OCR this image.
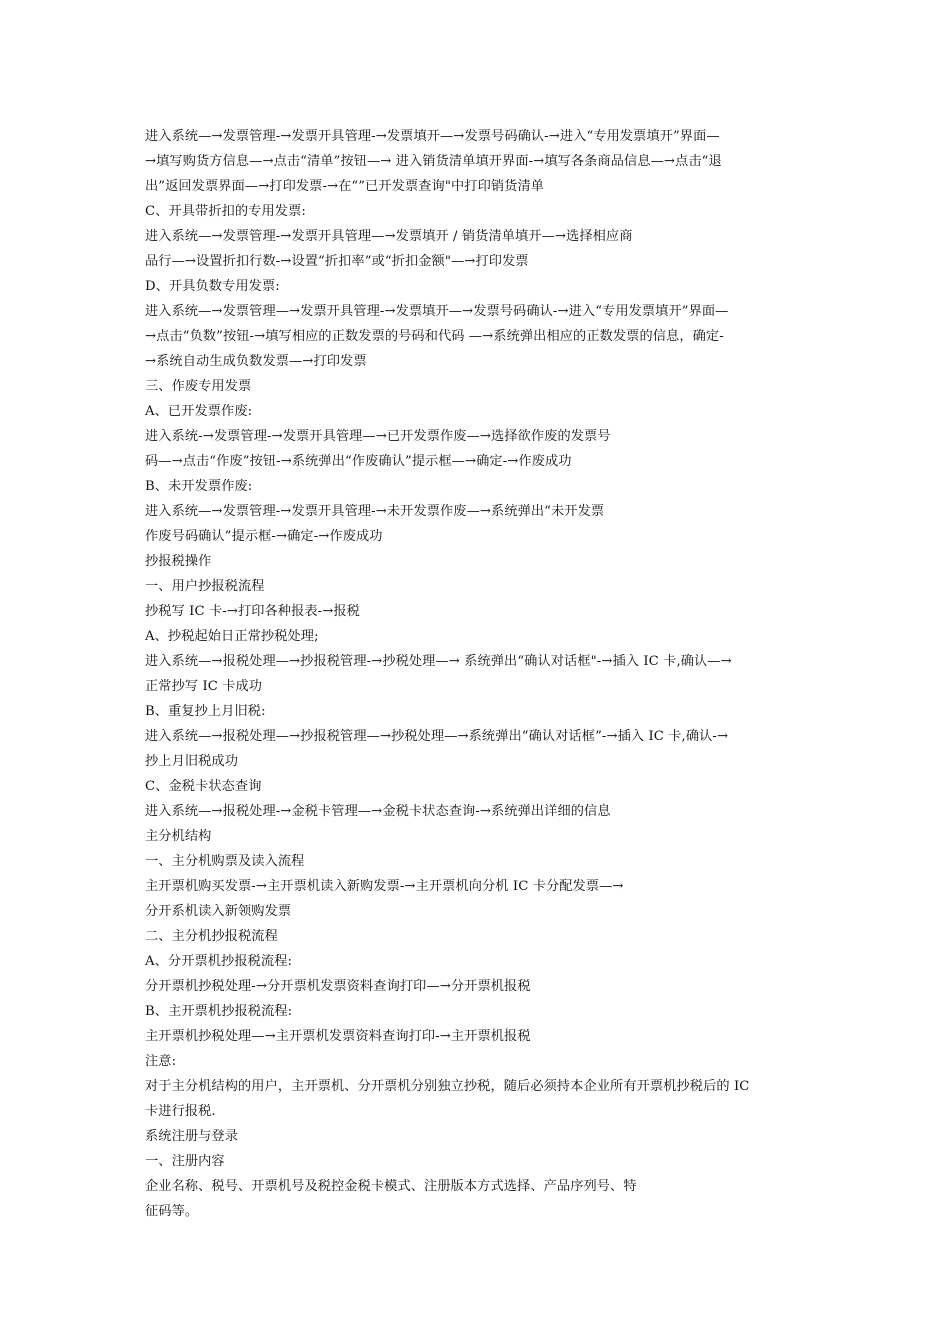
进入系统—→发票管理-→发票开具管理-→发票填开—→发票号码确认-→进入“专用发票填开”界面—
→填写购货方信息—→点击“清单”按钮—→ 进入销货清单填开界面-→填写各条商品信息—→点击“退
出”返回发票界面—→打印发票-→在“”已开发票查询"中打印销货清单
C、开具带折扣的专用发票:
进入系统—→发票管理-→发票开具管理—→发票填开 / 销货清单填开—→选择相应商
品行—→设置折扣行数-→设置“折扣率”或“折扣金额"—→打印发票
D、开具负数专用发票:
进入系统—→发票管理—→发票开具管理-→发票填开—→发票号码确认-→进入“专用发票填开”界面—
→点击“负数”按钮-→填写相应的正数发票的号码和代码 —→系统弹出相应的正数发票的信息，确定-
→系统自动生成负数发票—→打印发票
三、作废专用发票
A、已开发票作废:
进入系统-→发票管理-→发票开具管理—→已开发票作废—→选择欲作废的发票号
码—→点击“作废”按钮-→系统弹出“作废确认”提示框—→确定-→作废成功
B、未开发票作废:
进入系统—→发票管理-→发票开具管理-→未开发票作废—→系统弹出“未开发票
作废号码确认”提示框-→确定-→作废成功
抄报税操作
一、用户抄报税流程
抄税写 IC 卡-→打印各种报表-→报税
A、抄税起始日正常抄税处理;
进入系统—→报税处理—→抄报税管理-→抄税处理—→ 系统弹出“确认对话框"-→插入 IC 卡,确认—→
正常抄写 IC 卡成功
B、重复抄上月旧税:
进入系统—→报税处理—→抄报税管理—→抄税处理—→系统弹出“确认对话框”-→插入 IC 卡,确认-→
抄上月旧税成功
C、金税卡状态查询
进入系统—→报税处理-→金税卡管理—→金税卡状态查询-→系统弹出详细的信息
主分机结构
一、主分机购票及读入流程
主开票机购买发票-→主开票机读入新购发票-→主开票机向分机 IC 卡分配发票—→
分开系机读入新领购发票
二、主分机抄报税流程
A、分开票机抄报税流程:
分开票机抄税处理-→分开票机发票资料查询打印—→分开票机报税
B、主开票机抄报税流程:
主开票机抄税处理—→主开票机发票资料查询打印-→主开票机报税
注意:
对于主分机结构的用户，主开票机、分开票机分别独立抄税，随后必须持本企业所有开票机抄税后的 IC
卡进行报税.
系统注册与登录
一、注册内容
企业名称、税号、开票机号及税控金税卡模式、注册版本方式选择、产品序列号、特
征码等。
